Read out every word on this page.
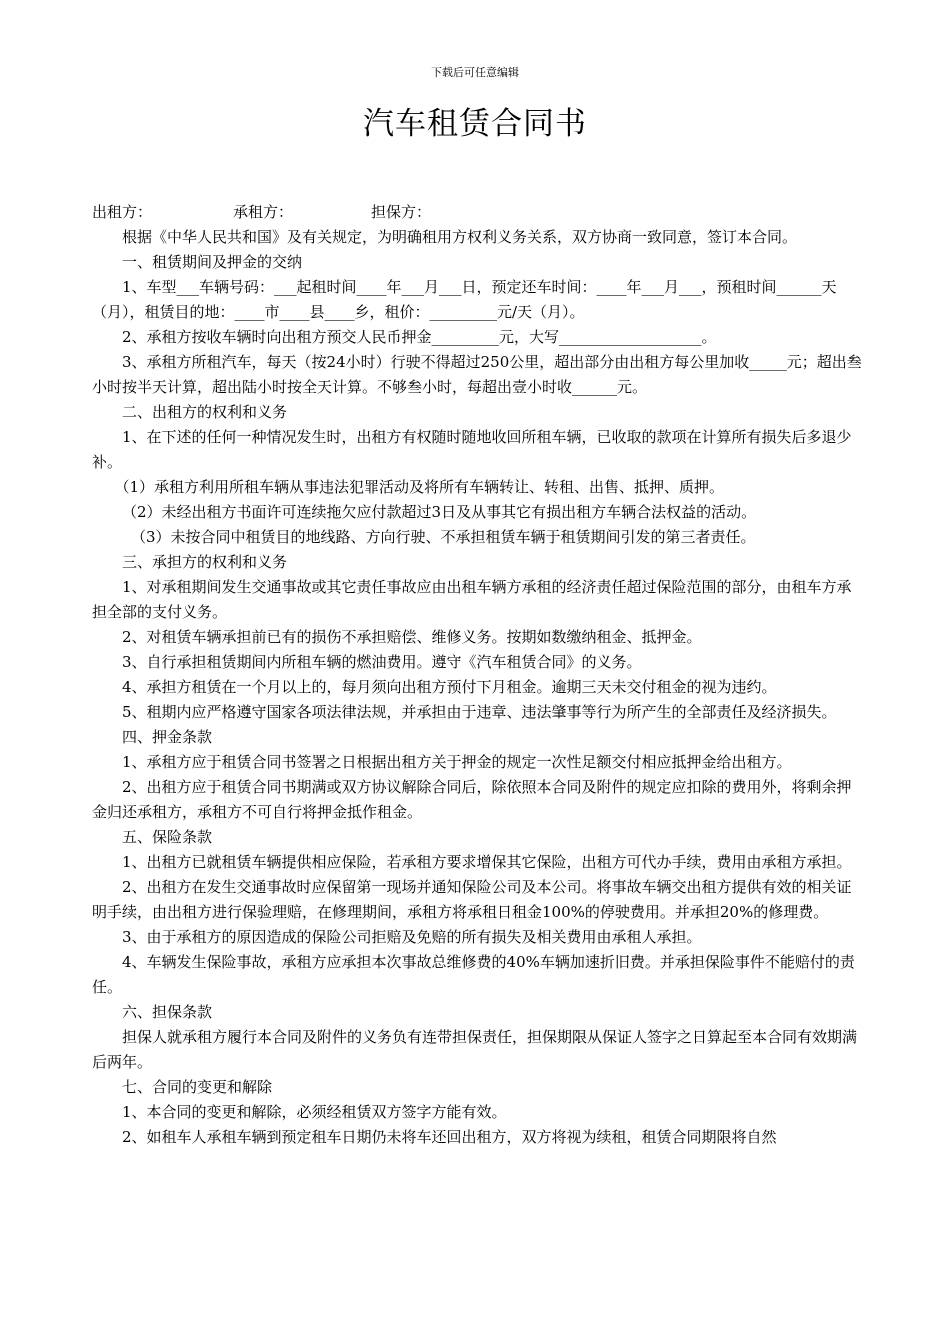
下载后可任意编辑
汽车租赁合同书
出租方：	承租方：	担保方：

根据《中华人民共和国》及有关规定，为明确租用方权利义务关系，双方协商一致同意，签订本合同。

一、租赁期间及押金的交纳

1、车型___车辆号码：___起租时间____年___月___日，预定还车时间：____年___月___，预租时间______天（月），租赁目的地：____市____县____乡，租价：_________元/天（月）。

2、承租方按收车辆时向出租方预交人民币押金_________元，大写___________________。

3、承租方所租汽车，每天（按24小时）行驶不得超过250公里，超出部分由出租方每公里加收_____元；超出叁小时按半天计算，超出陆小时按全天计算。不够叁小时，每超出壹小时收______元。

二、出租方的权利和义务

1、在下述的任何一种情况发生时，出租方有权随时随地收回所租车辆，已收取的款项在计算所有损失后多退少补。

（1）承租方利用所租车辆从事违法犯罪活动及将所有车辆转让、转租、出售、抵押、质押。

（2）未经出租方书面许可连续拖欠应付款超过3日及从事其它有损出租方车辆合法权益的活动。

（3）未按合同中租赁目的地线路、方向行驶、不承担租赁车辆于租赁期间引发的第三者责任。

三、承担方的权利和义务

1、对承租期间发生交通事故或其它责任事故应由出租车辆方承租的经济责任超过保险范围的部分，由租车方承担全部的支付义务。

2、对租赁车辆承担前已有的损伤不承担赔偿、维修义务。按期如数缴纳租金、抵押金。

3、自行承担租赁期间内所租车辆的燃油费用。遵守《汽车租赁合同》的义务。

4、承担方租赁在一个月以上的，每月须向出租方预付下月租金。逾期三天未交付租金的视为违约。

5、租期内应严格遵守国家各项法律法规，并承担由于违章、违法肇事等行为所产生的全部责任及经济损失。

四、押金条款

1、承租方应于租赁合同书签署之日根据出租方关于押金的规定一次性足额交付相应抵押金给出租方。

2、出租方应于租赁合同书期满或双方协议解除合同后，除依照本合同及附件的规定应扣除的费用外，将剩余押金归还承租方，承租方不可自行将押金抵作租金。

五、保险条款

1、出租方已就租赁车辆提供相应保险，若承租方要求增保其它保险，出租方可代办手续，费用由承租方承担。

2、出租方在发生交通事故时应保留第一现场并通知保险公司及本公司。将事故车辆交出租方提供有效的相关证明手续，由出租方进行保验理赔，在修理期间，承租方将承租日租金100%的停驶费用。并承担20%的修理费。

3、由于承租方的原因造成的保险公司拒赔及免赔的所有损失及相关费用由承租人承担。

4、车辆发生保险事故，承租方应承担本次事故总维修费的40%车辆加速折旧费。并承担保险事件不能赔付的责任。

六、担保条款

担保人就承租方履行本合同及附件的义务负有连带担保责任，担保期限从保证人签字之日算起至本合同有效期满后两年。

七、合同的变更和解除

1、本合同的变更和解除，必须经租赁双方签字方能有效。

2、如租车人承租车辆到预定租车日期仍未将车还回出租方，双方将视为续租，租赁合同期限将自然
